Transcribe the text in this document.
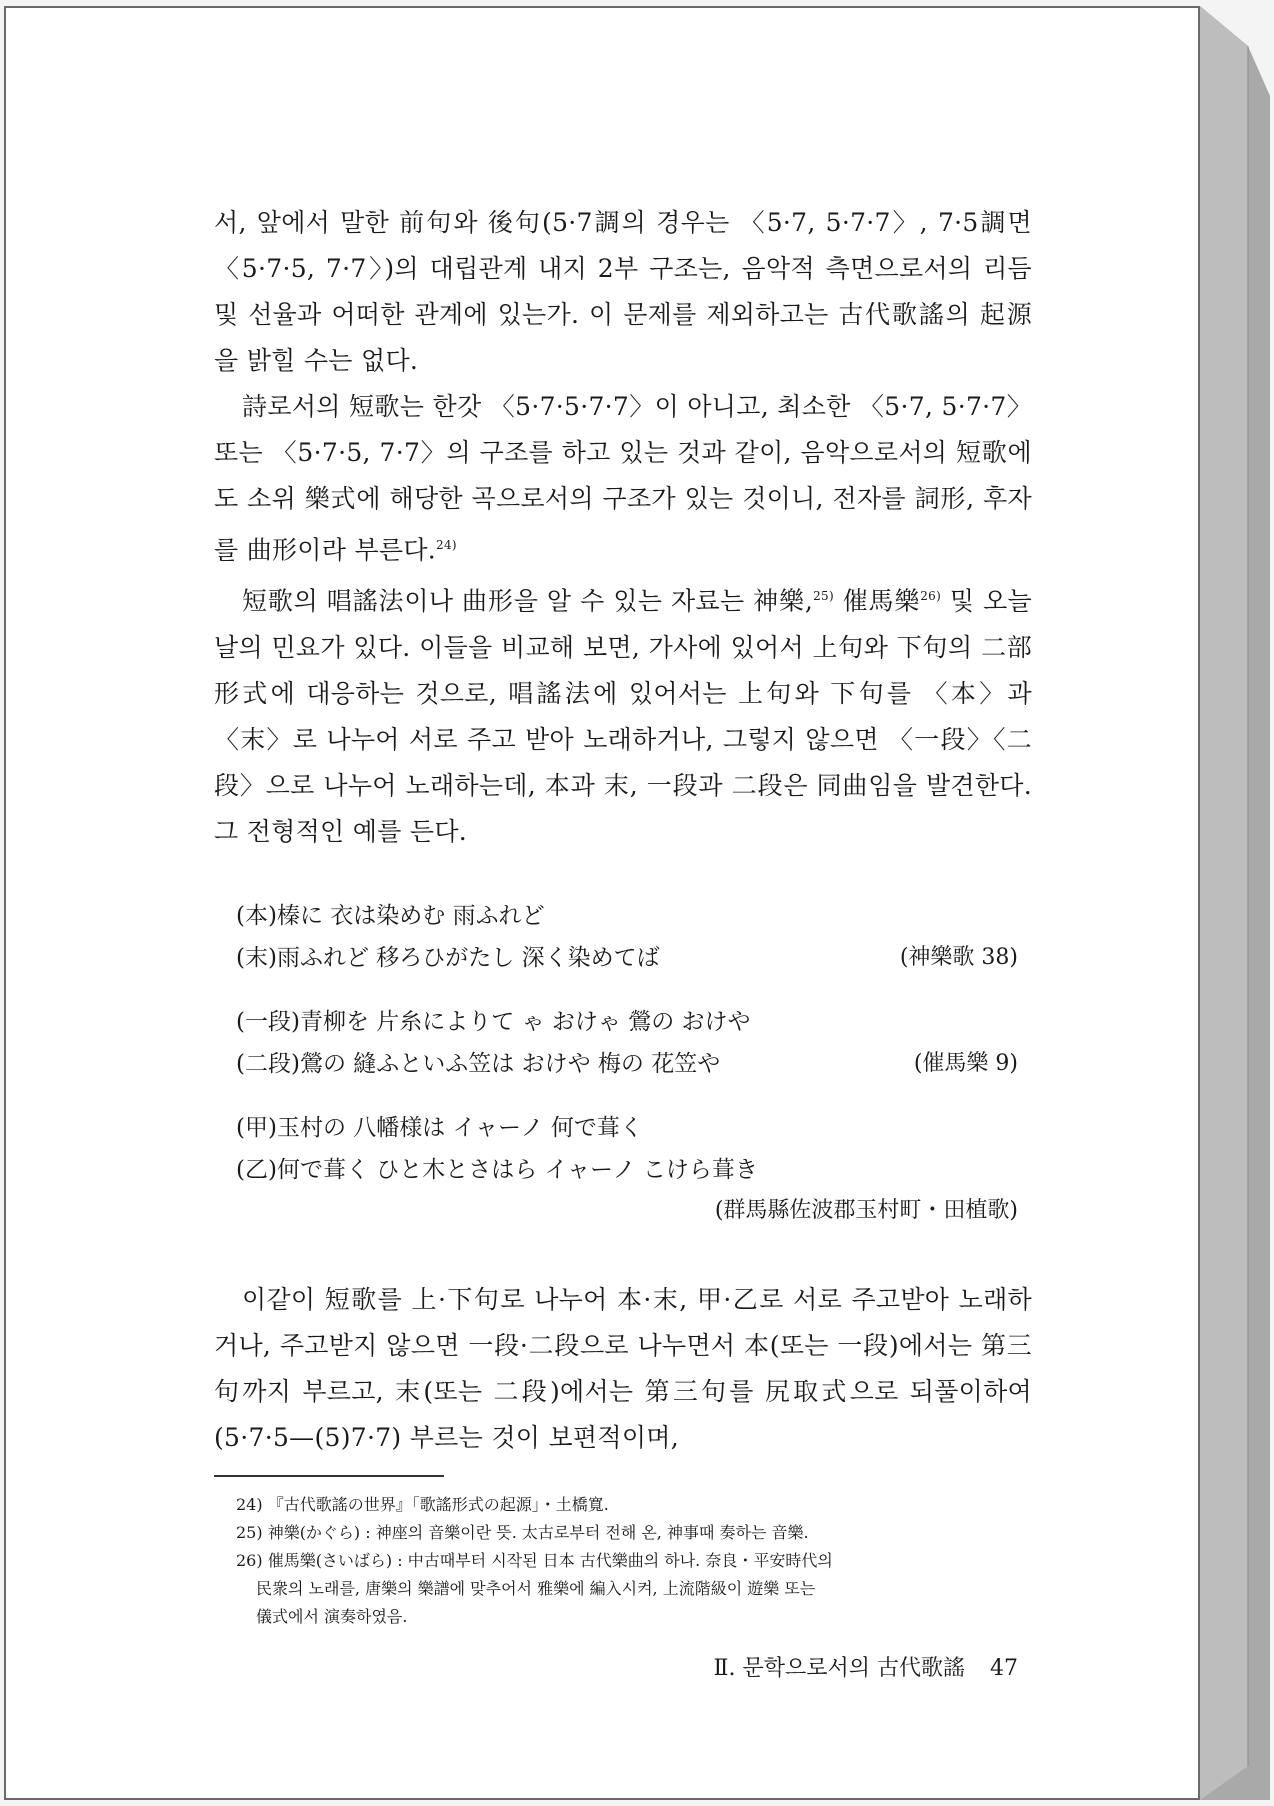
서, 앞에서 말한 前句와 後句(5·7調의 경우는 〈5·7, 5·7·7〉, 7·5調면 〈5·7·5, 7·7〉)의 대립관계 내지 2부 구조는, 음악적 측면으로서의 리듬 및 선율과 어떠한 관계에 있는가. 이 문제를 제외하고는 古代歌謠의 起源을 밝힐 수는 없다.

詩로서의 短歌는 한갓 〈5·7·5·7·7〉이 아니고, 최소한 〈5·7, 5·7·7〉 또는 〈5·7·5, 7·7〉의 구조를 하고 있는 것과 같이, 음악으로서의 短歌에도 소위 樂式에 해당한 곡으로서의 구조가 있는 것이니, 전자를 詞形, 후자를 曲形이라 부른다.$^{24)}$

短歌의 唱謠法이나 曲形을 알 수 있는 자료는 神樂,$^{25)}$ 催馬樂$^{26)}$ 및 오늘날의 민요가 있다. 이들을 비교해 보면, 가사에 있어서 上句와 下句의 二部形式에 대응하는 것으로, 唱謠法에 있어서는 上句와 下句를 〈本〉과 〈末〉로 나누어 서로 주고 받아 노래하거나, 그렇지 않으면 〈一段〉〈二段〉으로 나누어 노래하는데, 本과 末, 一段과 二段은 同曲임을 발견한다. 그 전형적인 예를 든다.

(本)榛に 衣は染めむ 雨ふれど
(末)雨ふれど 移ろひがたし 深く染めてば	(神樂歌 38)
(一段)青柳を 片糸によりて ゃ おけゃ 鶯の おけや
(二段)鶯の 縫ふといふ笠は おけや 梅の 花笠や	(催馬樂 9)
(甲)玉村の 八幡様は イャーノ 何で葺く
(乙)何で葺く ひと木とさはら イャーノ こけら葺き
(群馬縣佐波郡玉村町・田植歌)

이같이 短歌를 上·下句로 나누어 本·末, 甲·乙로 서로 주고받아 노래하거나, 주고받지 않으면 一段·二段으로 나누면서 本(또는 一段)에서는 第三句까지 부르고, 末(또는 二段)에서는 第三句를 尻取式으로 되풀이하여(5·7·5—(5)7·7) 부르는 것이 보편적이며,

24) 『古代歌謠の世界』「歌謠形式の起源」・土橋寬.
25) 神樂(かぐら) : 神座의 音樂이란 뜻. 太古로부터 전해 온, 神事때 奏하는 音樂.
26) 催馬樂(さいばら) : 中古때부터 시작된 日本 古代樂曲의 하나. 奈良・平安時代의
民衆의 노래를, 唐樂의 樂譜에 맞추어서 雅樂에 編入시켜, 上流階級이 遊樂 또는
儀式에서 演奏하였음.
Ⅱ. 문학으로서의 古代歌謠 47
